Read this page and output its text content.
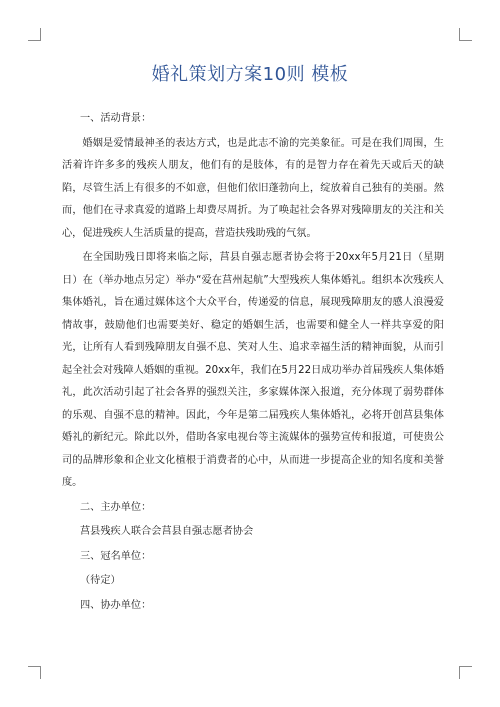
婚礼策划方案10则 模板

一、活动背景：

婚姻是爱情最神圣的表达方式，也是此志不渝的完美象征。可是在我们周围，生活着许许多多的残疾人朋友，他们有的是肢体，有的是智力存在着先天或后天的缺陷，尽管生活上有很多的不如意，但他们依旧蓬勃向上，绽放着自己独有的美丽。然而，他们在寻求真爱的道路上却费尽周折。为了唤起社会各界对残障朋友的关注和关心，促进残疾人生活质量的提高，营造扶残助残的气氛。

在全国助残日即将来临之际，莒县自强志愿者协会将于20xx年5月21日（星期日）在（举办地点另定）举办“爱在莒州起航”大型残疾人集体婚礼。组织本次残疾人集体婚礼，旨在通过媒体这个大众平台，传递爱的信息，展现残障朋友的感人浪漫爱情故事，鼓励他们也需要美好、稳定的婚姻生活，也需要和健全人一样共享爱的阳光，让所有人看到残障朋友自强不息、笑对人生、追求幸福生活的精神面貌，从而引起全社会对残障人婚姻的重视。20xx年，我们在5月22日成功举办首届残疾人集体婚礼，此次活动引起了社会各界的强烈关注，多家媒体深入报道，充分体现了弱势群体的乐观、自强不息的精神。因此，今年是第二届残疾人集体婚礼，必将开创莒县集体婚礼的新纪元。除此以外，借助各家电视台等主流媒体的强势宣传和报道，可使贵公司的品牌形象和企业文化植根于消费者的心中，从而进一步提高企业的知名度和美誉度。

二、主办单位：

莒县残疾人联合会莒县自强志愿者协会

三、冠名单位：

（待定）

四、协办单位：
